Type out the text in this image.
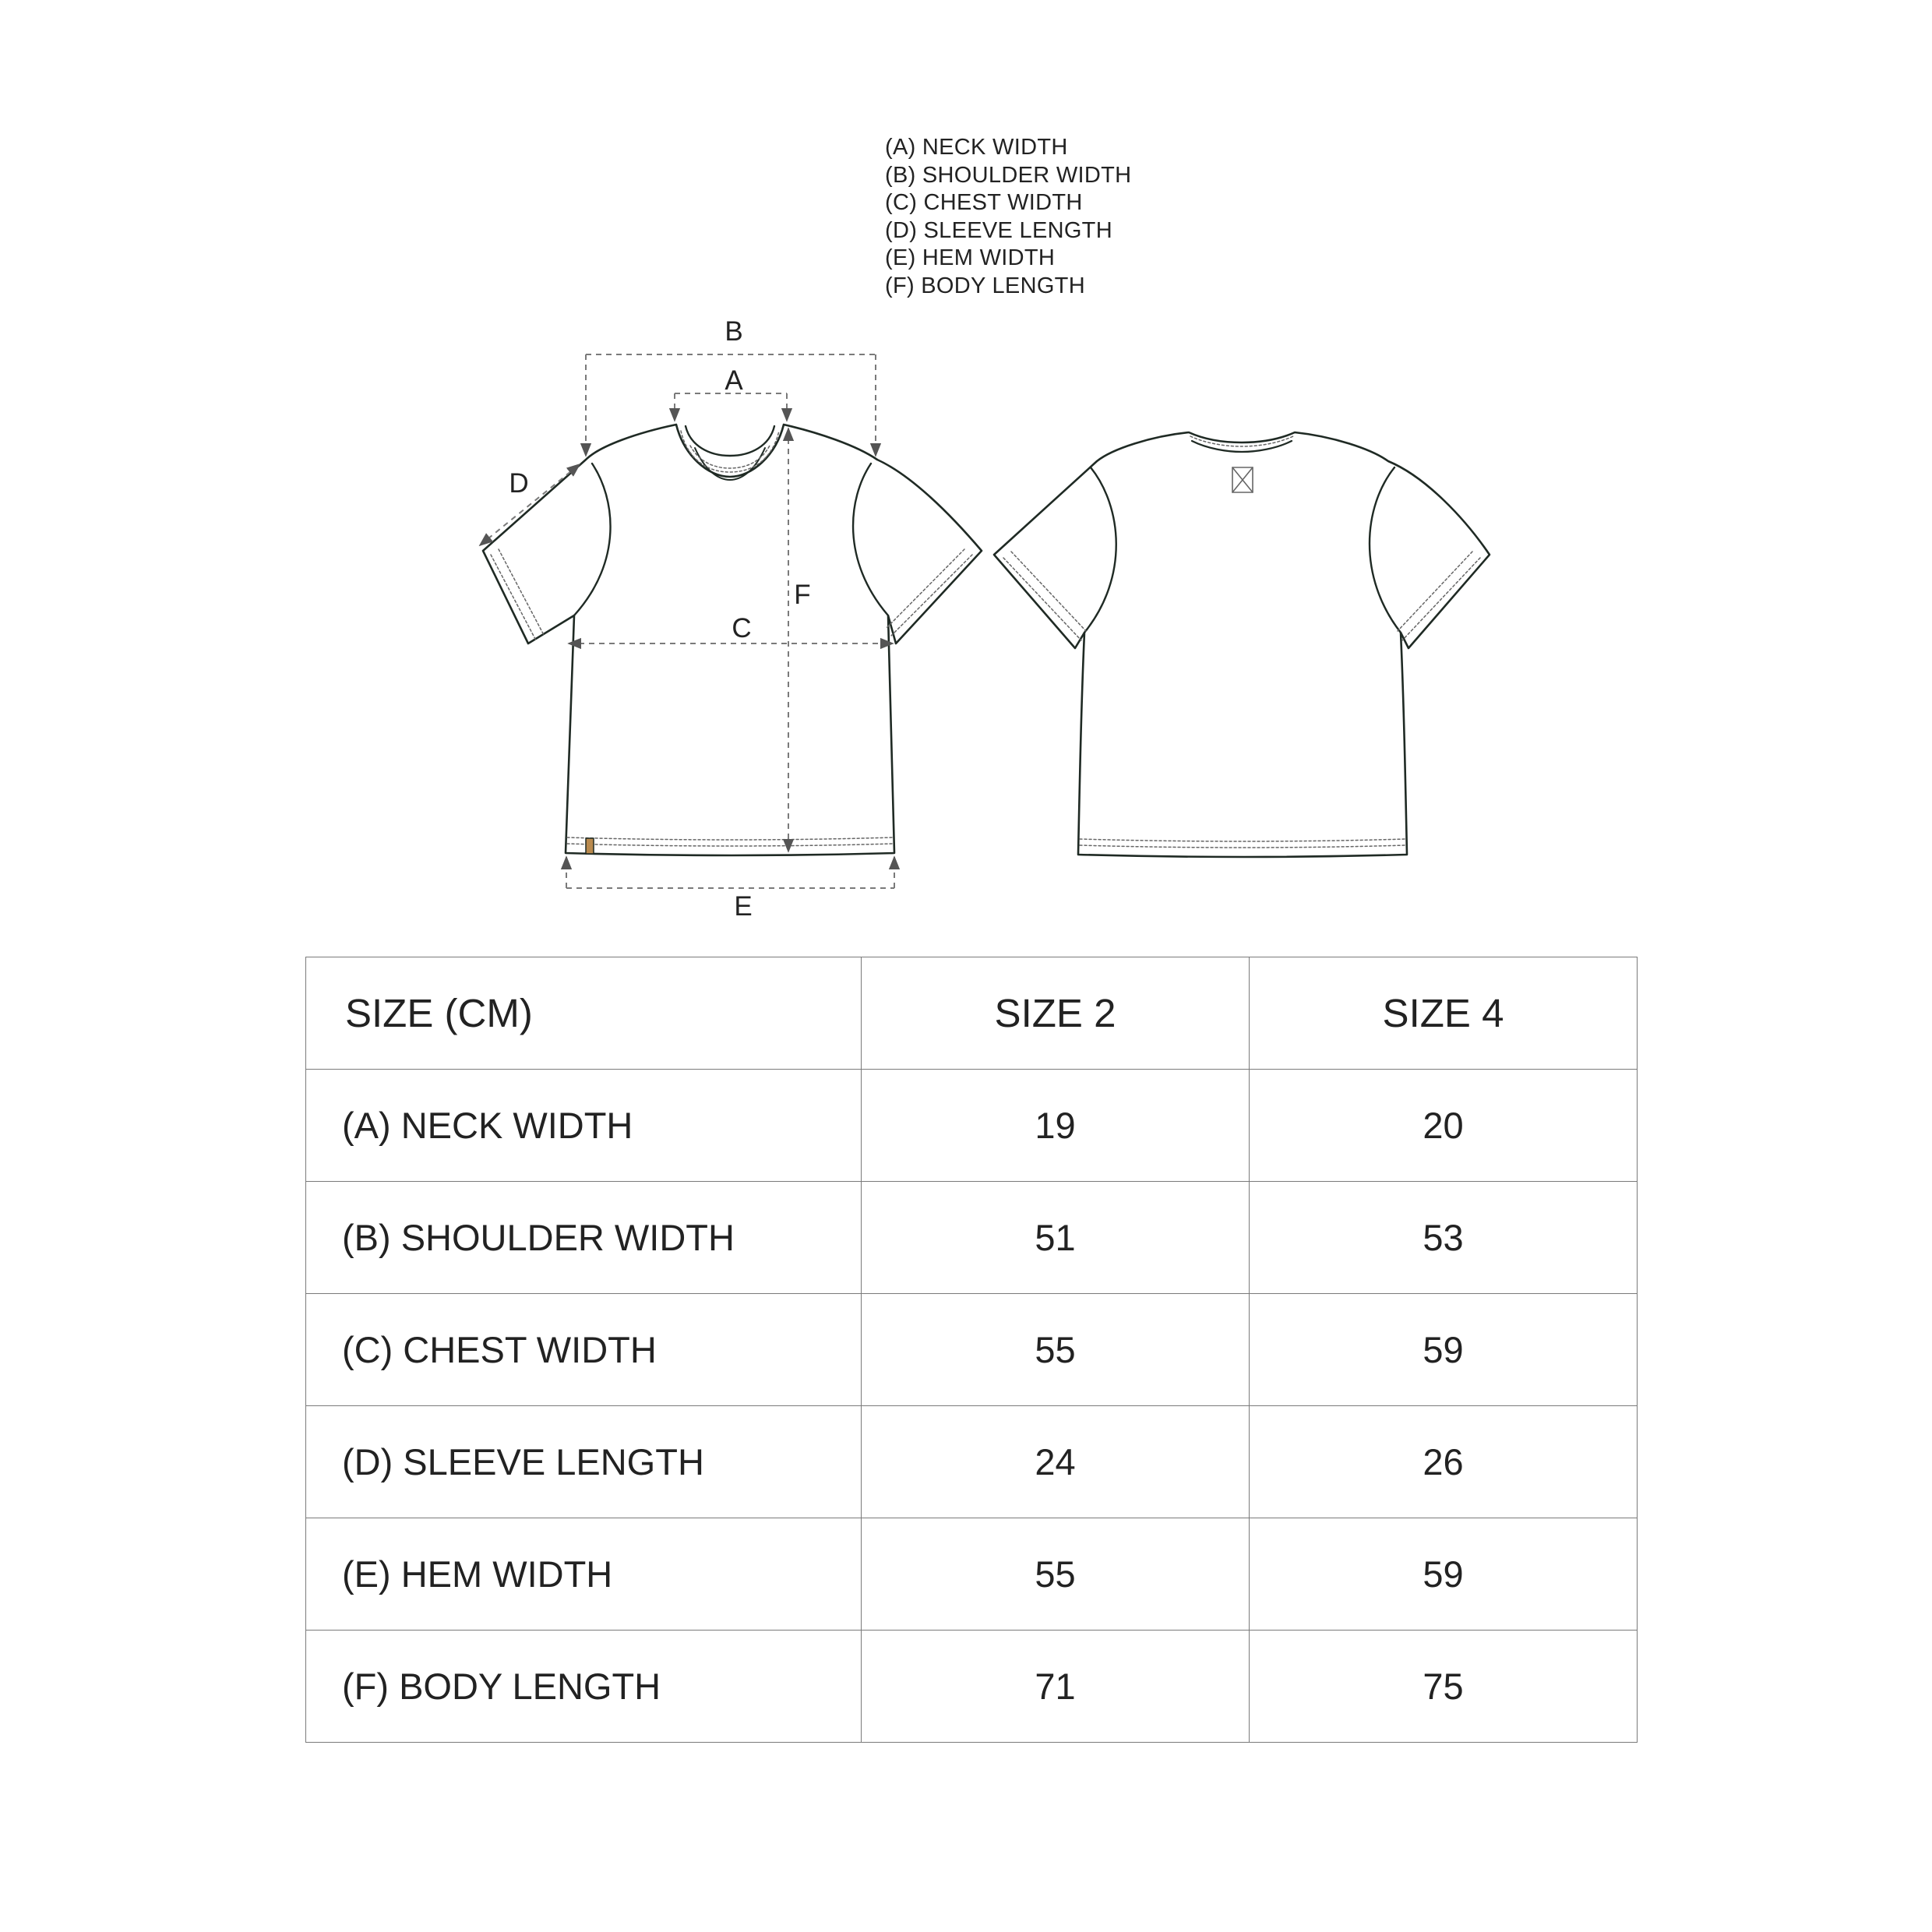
(A) NECK WIDTH
(B) SHOULDER WIDTH
(C) CHEST WIDTH
(D) SLEEVE LENGTH
(E) HEM WIDTH
(F) BODY LENGTH
B
A
D
F
C
E
SIZE (CM)	SIZE 2	SIZE 4
(A) NECK WIDTH	19	20
(B) SHOULDER WIDTH	51	53
(C) CHEST WIDTH	55	59
(D) SLEEVE LENGTH	24	26
(E) HEM WIDTH	55	59
(F) BODY LENGTH	71	75
